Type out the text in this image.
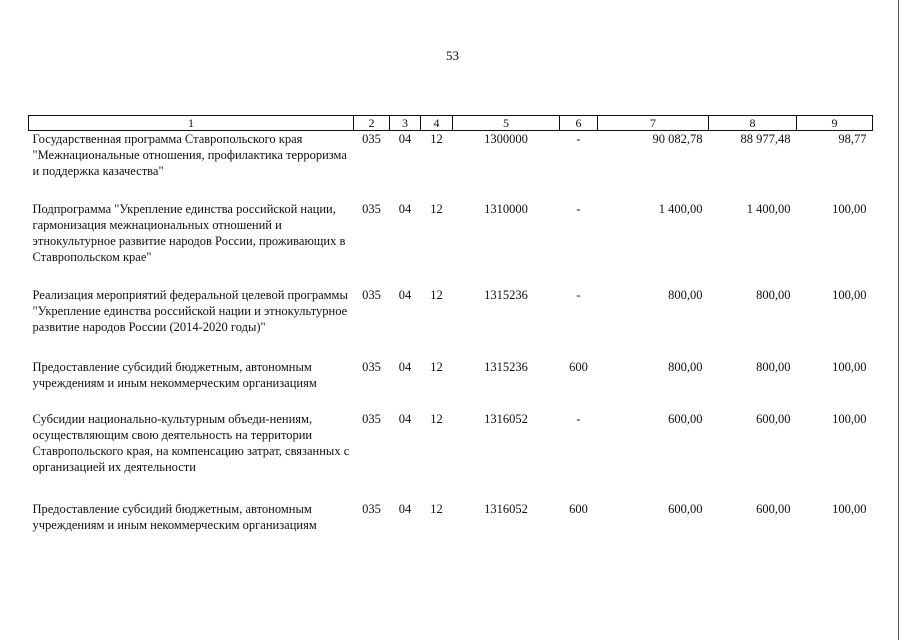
53
1	2	3	4	5	6	7	8	9
Государственная программа Ставропольского края "Межнациональные отношения, профилактика терроризма и поддержка казачества"	035	04	12	1300000	-	90 082,78	88 977,48	98,77
Подпрограмма "Укрепление единства российской нации, гармонизация межнациональных отношений и этнокультурное развитие народов России, проживающих в Ставропольском крае"	035	04	12	1310000	-	1 400,00	1 400,00	100,00
Реализация мероприятий федеральной целевой программы "Укрепление единства российской нации и этнокультурное развитие народов России (2014-2020 годы)"	035	04	12	1315236	-	800,00	800,00	100,00
Предоставление субсидий бюджетным, автономным учреждениям и иным некоммерческим организациям	035	04	12	1315236	600	800,00	800,00	100,00
Субсидии национально-культурным объеди-нениям, осуществляющим свою деятельность на территории Ставропольского края, на компенсацию затрат, связанных с организацией их деятельности	035	04	12	1316052	-	600,00	600,00	100,00
Предоставление субсидий бюджетным, автономным учреждениям и иным некоммерческим организациям	035	04	12	1316052	600	600,00	600,00	100,00
